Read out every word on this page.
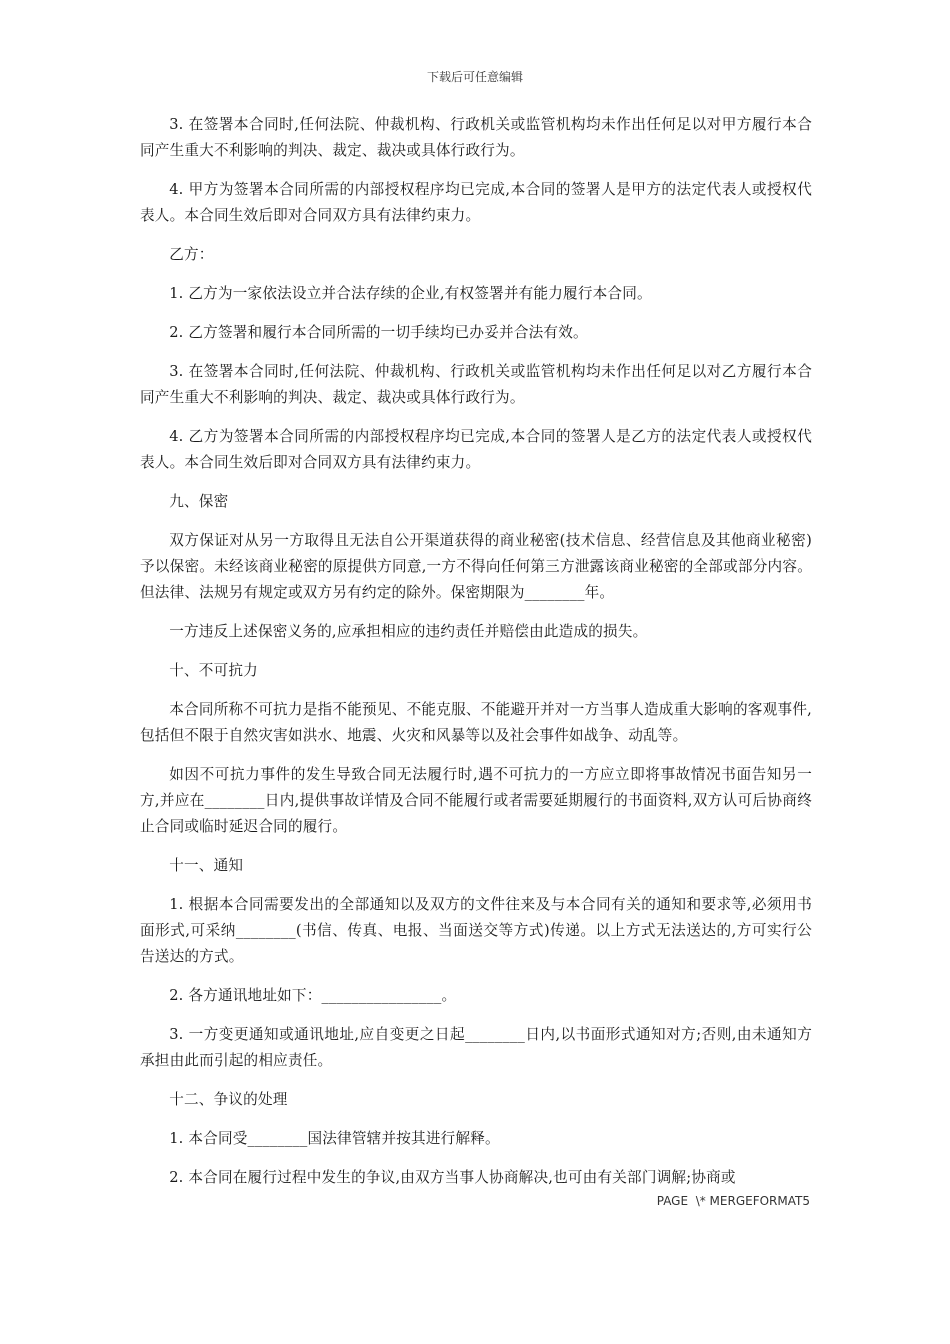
下载后可任意编辑

3. 在签署本合同时,任何法院、仲裁机构、行政机关或监管机构均未作出任何足以对甲方履行本合同产生重大不利影响的判决、裁定、裁决或具体行政行为。

4. 甲方为签署本合同所需的内部授权程序均已完成,本合同的签署人是甲方的法定代表人或授权代表人。本合同生效后即对合同双方具有法律约束力。

乙方：

1. 乙方为一家依法设立并合法存续的企业,有权签署并有能力履行本合同。

2. 乙方签署和履行本合同所需的一切手续均已办妥并合法有效。

3. 在签署本合同时,任何法院、仲裁机构、行政机关或监管机构均未作出任何足以对乙方履行本合同产生重大不利影响的判决、裁定、裁决或具体行政行为。

4. 乙方为签署本合同所需的内部授权程序均已完成,本合同的签署人是乙方的法定代表人或授权代表人。本合同生效后即对合同双方具有法律约束力。

九、保密

双方保证对从另一方取得且无法自公开渠道获得的商业秘密(技术信息、经营信息及其他商业秘密)予以保密。未经该商业秘密的原提供方同意,一方不得向任何第三方泄露该商业秘密的全部或部分内容。但法律、法规另有规定或双方另有约定的除外。保密期限为________年。

一方违反上述保密义务的,应承担相应的违约责任并赔偿由此造成的损失。

十、不可抗力

本合同所称不可抗力是指不能预见、不能克服、不能避开并对一方当事人造成重大影响的客观事件,包括但不限于自然灾害如洪水、地震、火灾和风暴等以及社会事件如战争、动乱等。

如因不可抗力事件的发生导致合同无法履行时,遇不可抗力的一方应立即将事故情况书面告知另一方,并应在________日内,提供事故详情及合同不能履行或者需要延期履行的书面资料,双方认可后协商终止合同或临时延迟合同的履行。

十一、通知

1. 根据本合同需要发出的全部通知以及双方的文件往来及与本合同有关的通知和要求等,必须用书面形式,可采纳________(书信、传真、电报、当面送交等方式)传递。以上方式无法送达的,方可实行公告送达的方式。

2. 各方通讯地址如下：________________。

3. 一方变更通知或通讯地址,应自变更之日起________日内,以书面形式通知对方;否则,由未通知方承担由此而引起的相应责任。

十二、争议的处理

1. 本合同受________国法律管辖并按其进行解释。

2. 本合同在履行过程中发生的争议,由双方当事人协商解决,也可由有关部门调解;协商或

PAGE  \* MERGEFORMAT5
